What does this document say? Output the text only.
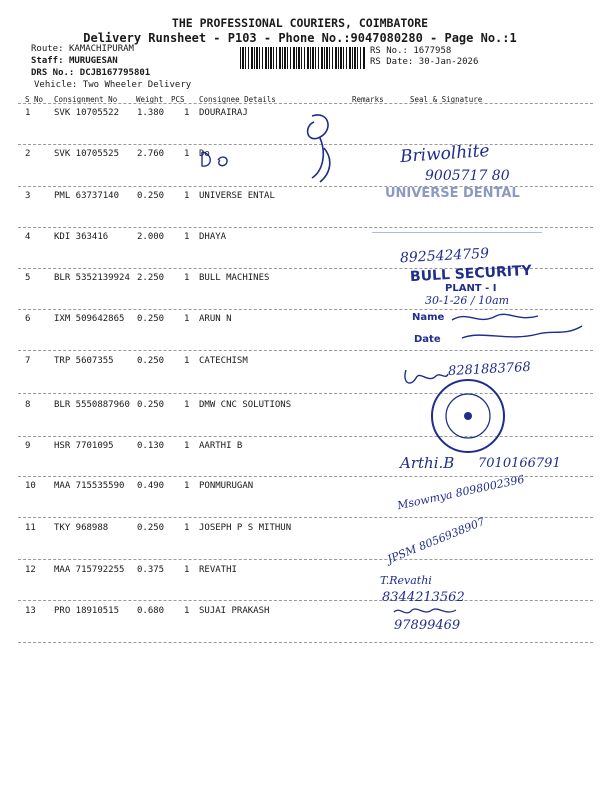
THE PROFESSIONAL COURIERS, COIMBATORE
Delivery Runsheet - P103 - Phone No.:9047080280 - Page No.:1
Route: KAMACHIPURAM
Staff: MURUGESAN
DRS No.: DCJB167795801
Vehicle: Two Wheeler Delivery
RS No.: 1677958
RS Date: 30-Jan-2026
S No Consignment No	Weight PCS Consignee Details	Remarks	Seal & Signature
1	SVK 10705522 1.380 1 DOURAIRAJ
2	SVK 10705525 2.760 1 Do
3	PML 63737140 0.250 1 UNIVERSE ENTAL
4	KDI 363416	2.000 1 DHAYA
5	BLR 5352139924 2.250 1 BULL MACHINES
6	IXM 509642865 0.250 1 ARUN N
7	TRP 5607355	0.250 1 CATECHISM
8	BLR 5550887960 0.250 1 DMW CNC SOLUTIONS
9	HSR 7701095	0.130 1 AARTHI B
10 MAA 715535590 0.490 1 PONMURUGAN
11 TKY 968988	0.250 1 JOSEPH P S MITHUN
12 MAA 715792255 0.375 1 REVATHI
13 PRO 18910515 0.680 1 SUJAI PRAKASH
Briwolhite
9005717 80
UNIVERSE DENTAL
8925424759
BULL SECURITY
PLANT - I
30-1-26 / 10am
Name
Date
8281883768
Arthi.B 7010166791
Msowmya 8098002396
JPSM 8056938907
T.Revathi
8344213562
97899469
